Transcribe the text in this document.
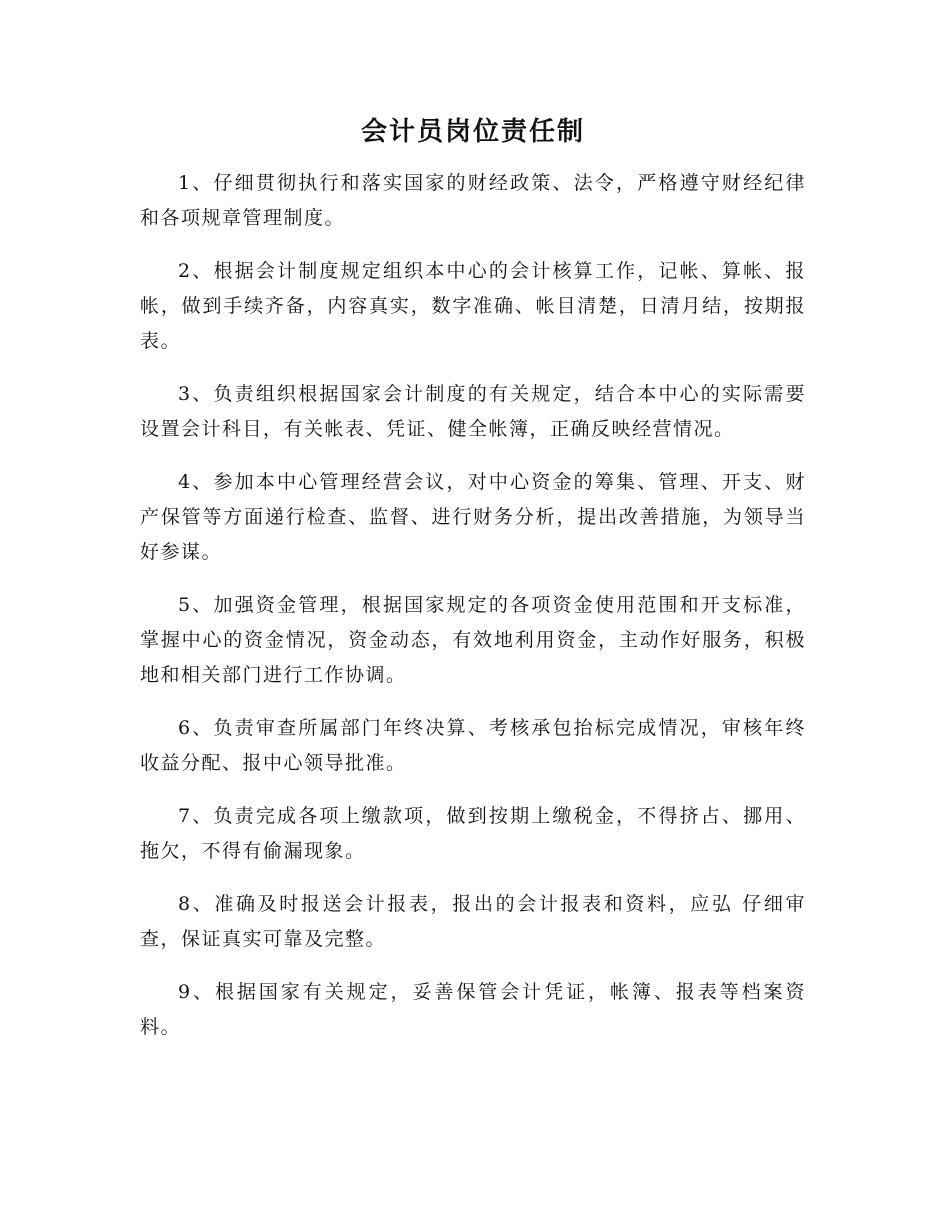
会计员岗位责任制

1、仔细贯彻执行和落实国家的财经政策、法令，严格遵守财经纪律和各项规章管理制度。

2、根据会计制度规定组织本中心的会计核算工作，记帐、算帐、报帐，做到手续齐备，内容真实，数字准确、帐目清楚，日清月结，按期报表。

3、负责组织根据国家会计制度的有关规定，结合本中心的实际需要设置会计科目，有关帐表、凭证、健全帐簿，正确反映经营情况。

4、参加本中心管理经营会议，对中心资金的筹集、管理、开支、财产保管等方面递行检查、监督、进行财务分析，提出改善措施，为领导当好参谋。

5、加强资金管理，根据国家规定的各项资金使用范围和开支标准，掌握中心的资金情况，资金动态，有效地利用资金，主动作好服务，积极地和相关部门进行工作协调。

6、负责审查所属部门年终决算、考核承包抬标完成情况，审核年终收益分配、报中心领导批准。

7、负责完成各项上缴款项，做到按期上缴税金，不得挤占、挪用、拖欠，不得有偷漏现象。

8、准确及时报送会计报表，报出的会计报表和资料，应弘 仔细审查，保证真实可靠及完整。

9、根据国家有关规定，妥善保管会计凭证，帐簿、报表等档案资料。
